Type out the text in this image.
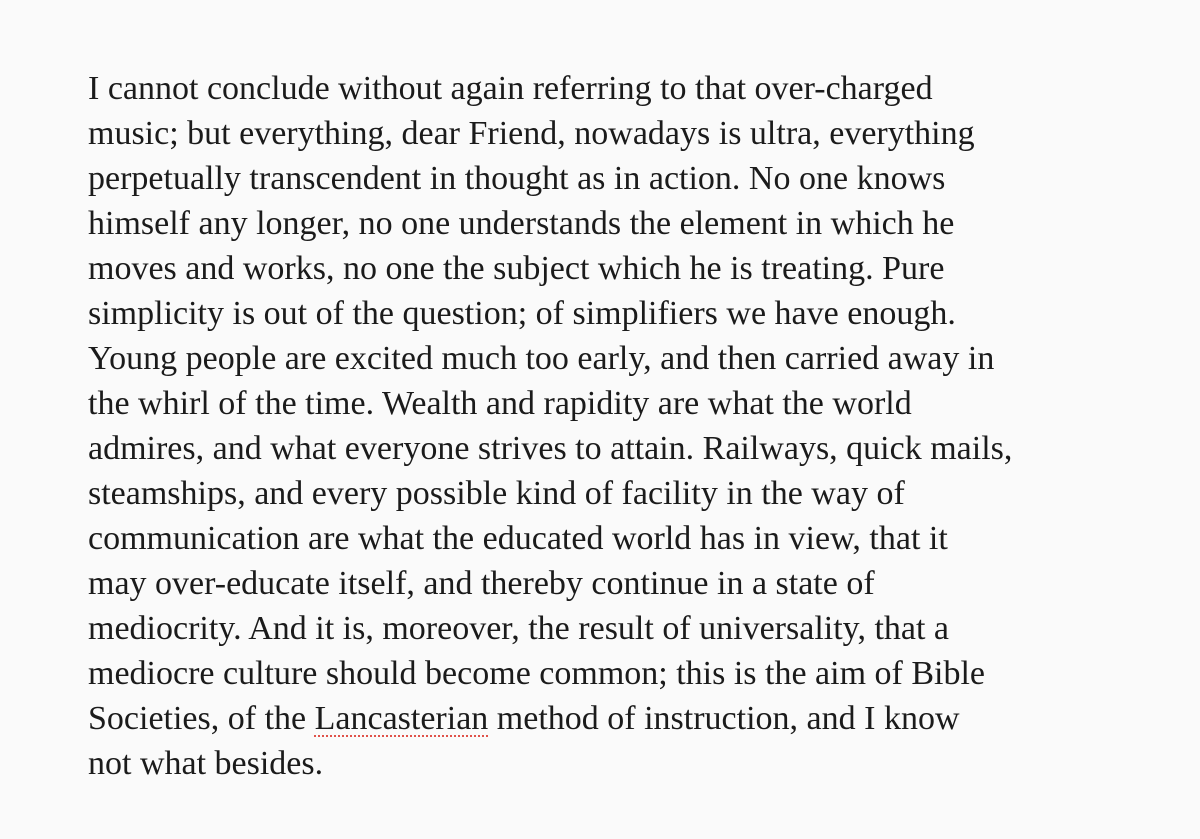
I cannot conclude without again referring to that over-charged
music; but everything, dear Friend, nowadays is ultra, everything
perpetually transcendent in thought as in action. No one knows
himself any longer, no one understands the element in which he
moves and works, no one the subject which he is treating. Pure
simplicity is out of the question; of simplifiers we have enough.
Young people are excited much too early, and then carried away in
the whirl of the time. Wealth and rapidity are what the world
admires, and what everyone strives to attain. Railways, quick mails,
steamships, and every possible kind of facility in the way of
communication are what the educated world has in view, that it
may over-educate itself, and thereby continue in a state of
mediocrity. And it is, moreover, the result of universality, that a
mediocre culture should become common; this is the aim of Bible
Societies, of the Lancasterian method of instruction, and I know
not what besides.
